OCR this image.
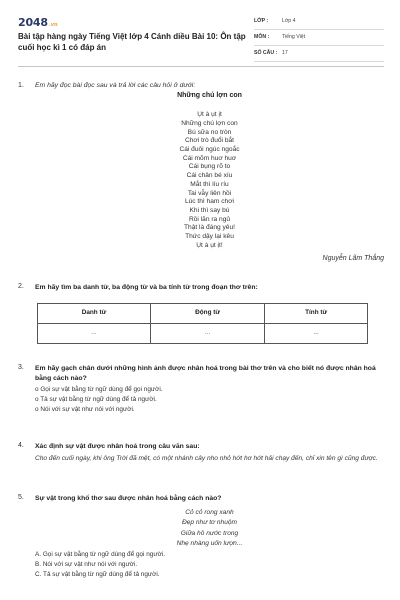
2048 .vn
Bài tập hàng ngày Tiếng Việt lớp 4 Cánh diều Bài 10: Ôn tập cuối học kì 1 có đáp án
LỚP :	Lớp 4
MÔN :	Tiếng Việt
SỐ CÂU : 17
1.	Em hãy đọc bài đọc sau và trả lời các câu hỏi ở dưới:
Những chú lợn con
Ụt à ụt ịt
Những chú lợn con
Bú sữa no tròn
Chơi trò đuổi bắt
Cái đuôi ngúc ngoắc
Cái mõm huơ huơ
Cái bụng rõ to
Cái chân bé xíu
Mắt thì líu ríu
Tai vẫy liên hồi
Lúc thì ham chơi
Khi thì say bú
Rồi lăn ra ngủ
Thật là đáng yêu!
Thức dậy lại kêu
Ụt à ụt ịt!
Nguyễn Lãm Thắng
2.	Em hãy tìm ba danh từ, ba động từ và ba tính từ trong đoạn thơ trên:
Danh từ	Động từ	Tính từ
...	...	...
3.	Em hãy gạch chân dưới những hình ảnh được nhân hoá trong bài thơ trên và cho biết nó được nhân hoá bằng cách nào?
o Gọi sự vật bằng từ ngữ dùng để gọi người.
o Tả sự vật bằng từ ngữ dùng để tả người.
o Nói với sự vật như nói với người.
4.	Xác định sự vật được nhân hoá trong câu văn sau:
Cho đến cuối ngày, khi ông Trời đã mệt, có một nhánh cây nho nhỏ hớt hơ hớt hải chạy đến, chỉ xin tên gì cũng được.
5.	Sự vật trong khổ thơ sau được nhân hoá bằng cách nào?
Cỏ cỏ rong xanh
Đẹp như tơ nhuộm
Giữa hồ nước trong
Nhẹ nhàng uốn lượn...
A. Gọi sự vật bằng từ ngữ dùng để gọi người.
B. Nói với sự vật như nói với người.
C. Tả sự vật bằng từ ngữ dùng để tả người.
